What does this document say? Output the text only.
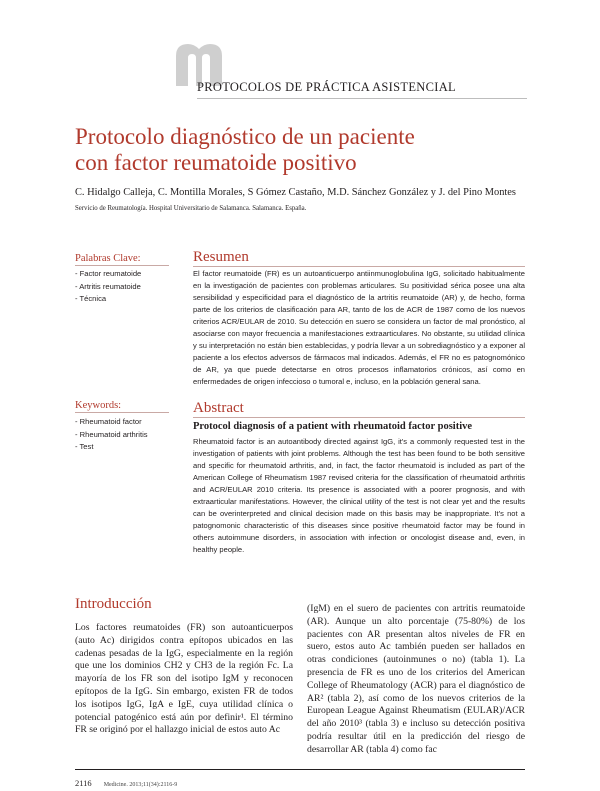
PROTOCOLOS DE PRÁCTICA ASISTENCIAL
Protocolo diagnóstico de un paciente
con factor reumatoide positivo
C. Hidalgo Calleja, C. Montilla Morales, S Gómez Castaño, M.D. Sánchez González y J. del Pino Montes
Servicio de Reumatología. Hospital Universitario de Salamanca. Salamanca. España.
Palabras Clave:
- Factor reumatoide
- Artritis reumatoide
- Técnica
Keywords:
- Rheumatoid factor
- Rheumatoid arthritis
- Test
Resumen

El factor reumatoide (FR) es un autoanticuerpo antiinmunoglobulina IgG, solicitado habitualmente en la investigación de pacientes con problemas articulares. Su positividad sérica posee una alta sensibilidad y especificidad para el diagnóstico de la artritis reumatoide (AR) y, de hecho, forma parte de los criterios de clasificación para AR, tanto de los de ACR de 1987 como de los nuevos criterios ACR/EULAR de 2010. Su detección en suero se considera un factor de mal pronóstico, al asociarse con mayor frecuencia a manifestaciones extraarticulares. No obstante, su utilidad clínica y su interpretación no están bien establecidas, y podría llevar a un sobrediagnóstico y a exponer al paciente a los efectos adversos de fármacos mal indicados. Además, el FR no es patognomónico de AR, ya que puede detectarse en otros procesos inflamatorios crónicos, así como en enfermedades de origen infeccioso o tumoral e, incluso, en la población general sana.

Abstract

Protocol diagnosis of a patient with rheumatoid factor positive

Rheumatoid factor is an autoantibody directed against IgG, it's a commonly requested test in the investigation of patients with joint problems. Although the test has been found to be both sensitive and specific for rheumatoid arthritis, and, in fact, the factor rheumatoid is included as part of the American College of Rheumatism 1987 revised criteria for the classification of rheumatoid arthritis and ACR/EULAR 2010 criteria. Its presence is associated with a poorer prognosis, and with extraarticular manifestations. However, the clinical utility of the test is not clear yet and the results can be overinterpreted and clinical decision made on this basis may be inappropriate. It's not a patognomonic characteristic of this diseases since positive rheumatoid factor may be found in others autoimmune disorders, in association with infection or oncologist disease and, even, in healthy people.

Introducción

Los factores reumatoides (FR) son autoanticuerpos (auto Ac) dirigidos contra epítopos ubicados en las cadenas pesadas de la IgG, especialmente en la región que une los dominios CH2 y CH3 de la región Fc. La mayoría de los FR son del isotipo IgM y reconocen epítopos de la IgG. Sin embargo, existen FR de todos los isotipos IgG, IgA e IgE, cuya utilidad clínica o potencial patogénico está aún por definir¹. El término FR se originó por el hallazgo inicial de estos auto Ac

(IgM) en el suero de pacientes con artritis reumatoide (AR). Aunque un alto porcentaje (75-80%) de los pacientes con AR presentan altos niveles de FR en suero, estos auto Ac también pueden ser hallados en otras condiciones (autoinmunes o no) (tabla 1). La presencia de FR es uno de los criterios del American College of Rheumatology (ACR) para el diagnóstico de AR² (tabla 2), así como de los nuevos criterios de la European League Against Rheumatism (EULAR)/ACR del año 2010³ (tabla 3) e incluso su detección positiva podría resultar útil en la predicción del riesgo de desarrollar AR (tabla 4) como fac

2116 Medicine. 2013;11(34):2116-9
